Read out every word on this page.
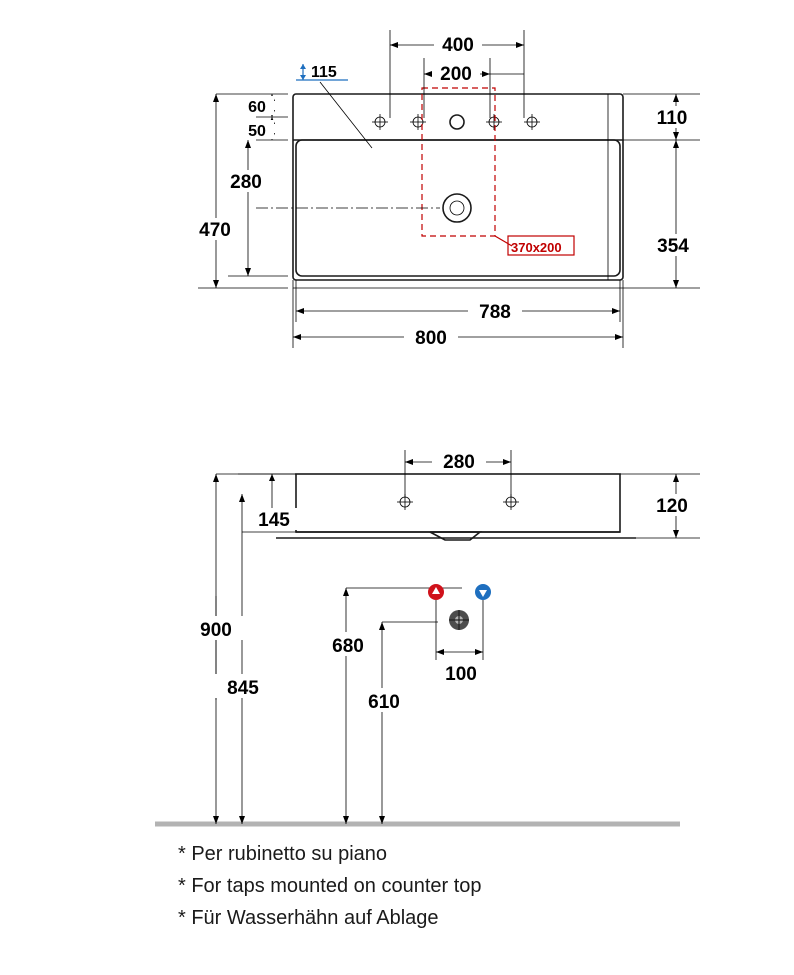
370x200
400
200
115
60
50
280
470
110
354
788
800
280
145
120
900
845
680
610
100
* Per rubinetto su piano
* For taps mounted on counter top
* Für Wasserhähn auf Ablage
